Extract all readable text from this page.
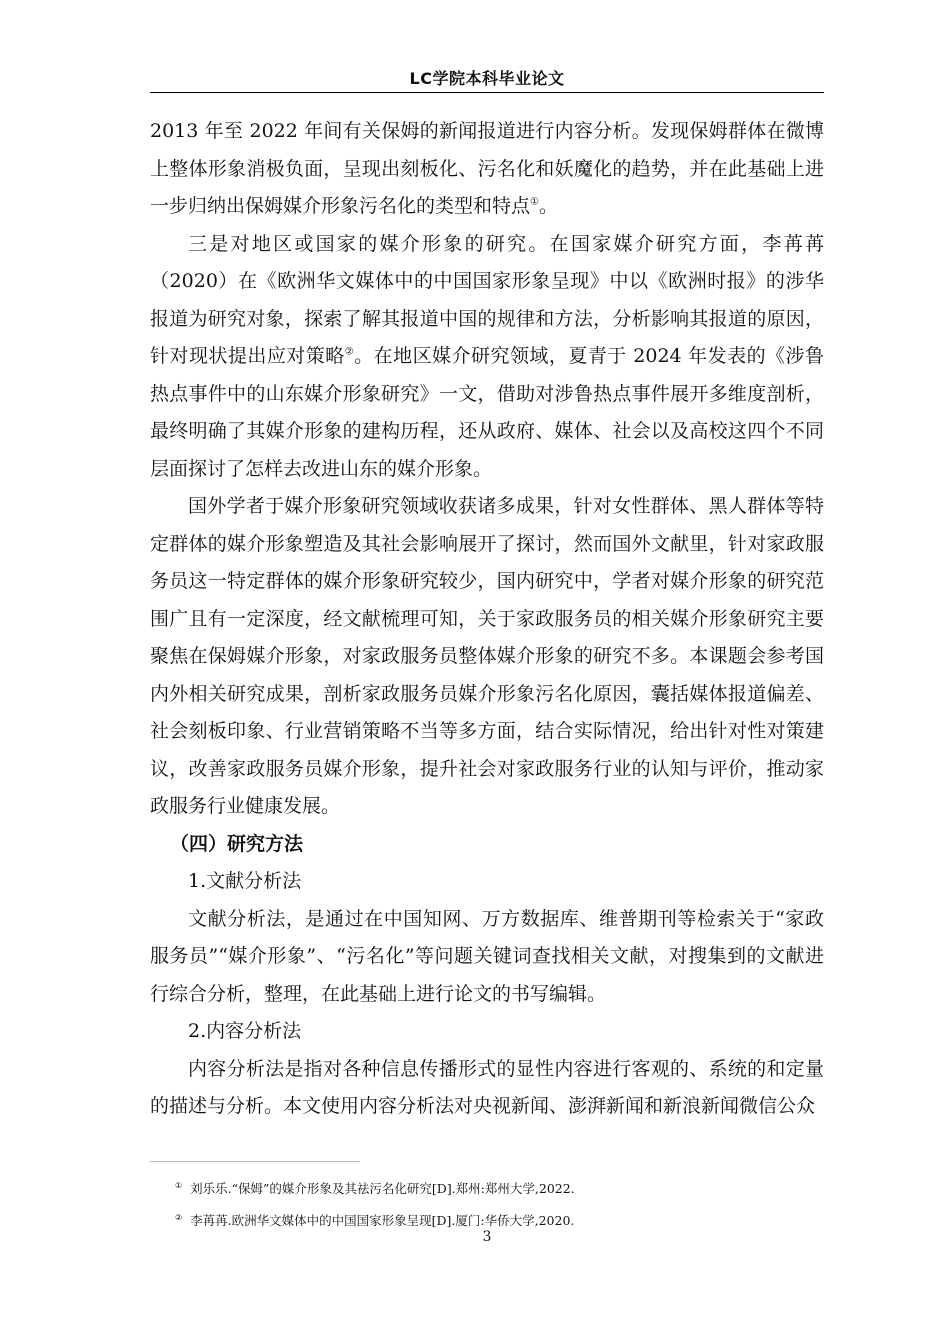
LC学院本科毕业论文

2013 年至 2022 年间有关保姆的新闻报道进行内容分析。发现保姆群体在微博上整体形象消极负面，呈现出刻板化、污名化和妖魔化的趋势，并在此基础上进一步归纳出保姆媒介形象污名化的类型和特点①。

三是对地区或国家的媒介形象的研究。在国家媒介研究方面，李苒苒（2020）在《欧洲华文媒体中的中国国家形象呈现》中以《欧洲时报》的涉华报道为研究对象，探索了解其报道中国的规律和方法，分析影响其报道的原因，针对现状提出应对策略②。在地区媒介研究领域，夏青于 2024 年发表的《涉鲁热点事件中的山东媒介形象研究》一文，借助对涉鲁热点事件展开多维度剖析，最终明确了其媒介形象的建构历程，还从政府、媒体、社会以及高校这四个不同层面探讨了怎样去改进山东的媒介形象。

国外学者于媒介形象研究领域收获诸多成果，针对女性群体、黑人群体等特定群体的媒介形象塑造及其社会影响展开了探讨，然而国外文献里，针对家政服务员这一特定群体的媒介形象研究较少，国内研究中，学者对媒介形象的研究范围广且有一定深度，经文献梳理可知，关于家政服务员的相关媒介形象研究主要聚焦在保姆媒介形象，对家政服务员整体媒介形象的研究不多。本课题会参考国内外相关研究成果，剖析家政服务员媒介形象污名化原因，囊括媒体报道偏差、社会刻板印象、行业营销策略不当等多方面，结合实际情况，给出针对性对策建议，改善家政服务员媒介形象，提升社会对家政服务行业的认知与评价，推动家政服务行业健康发展。

（四）研究方法

1.文献分析法

文献分析法，是通过在中国知网、万方数据库、维普期刊等检索关于“家政服务员”“媒介形象”、“污名化”等问题关键词查找相关文献，对搜集到的文献进行综合分析，整理，在此基础上进行论文的书写编辑。

2.内容分析法

内容分析法是指对各种信息传播形式的显性内容进行客观的、系统的和定量的描述与分析。本文使用内容分析法对央视新闻、澎湃新闻和新浪新闻微信公众

① 刘乐乐.“保姆”的媒介形象及其祛污名化研究[D].郑州:郑州大学,2022.
② 李苒苒.欧洲华文媒体中的中国国家形象呈现[D].厦门:华侨大学,2020.
3
